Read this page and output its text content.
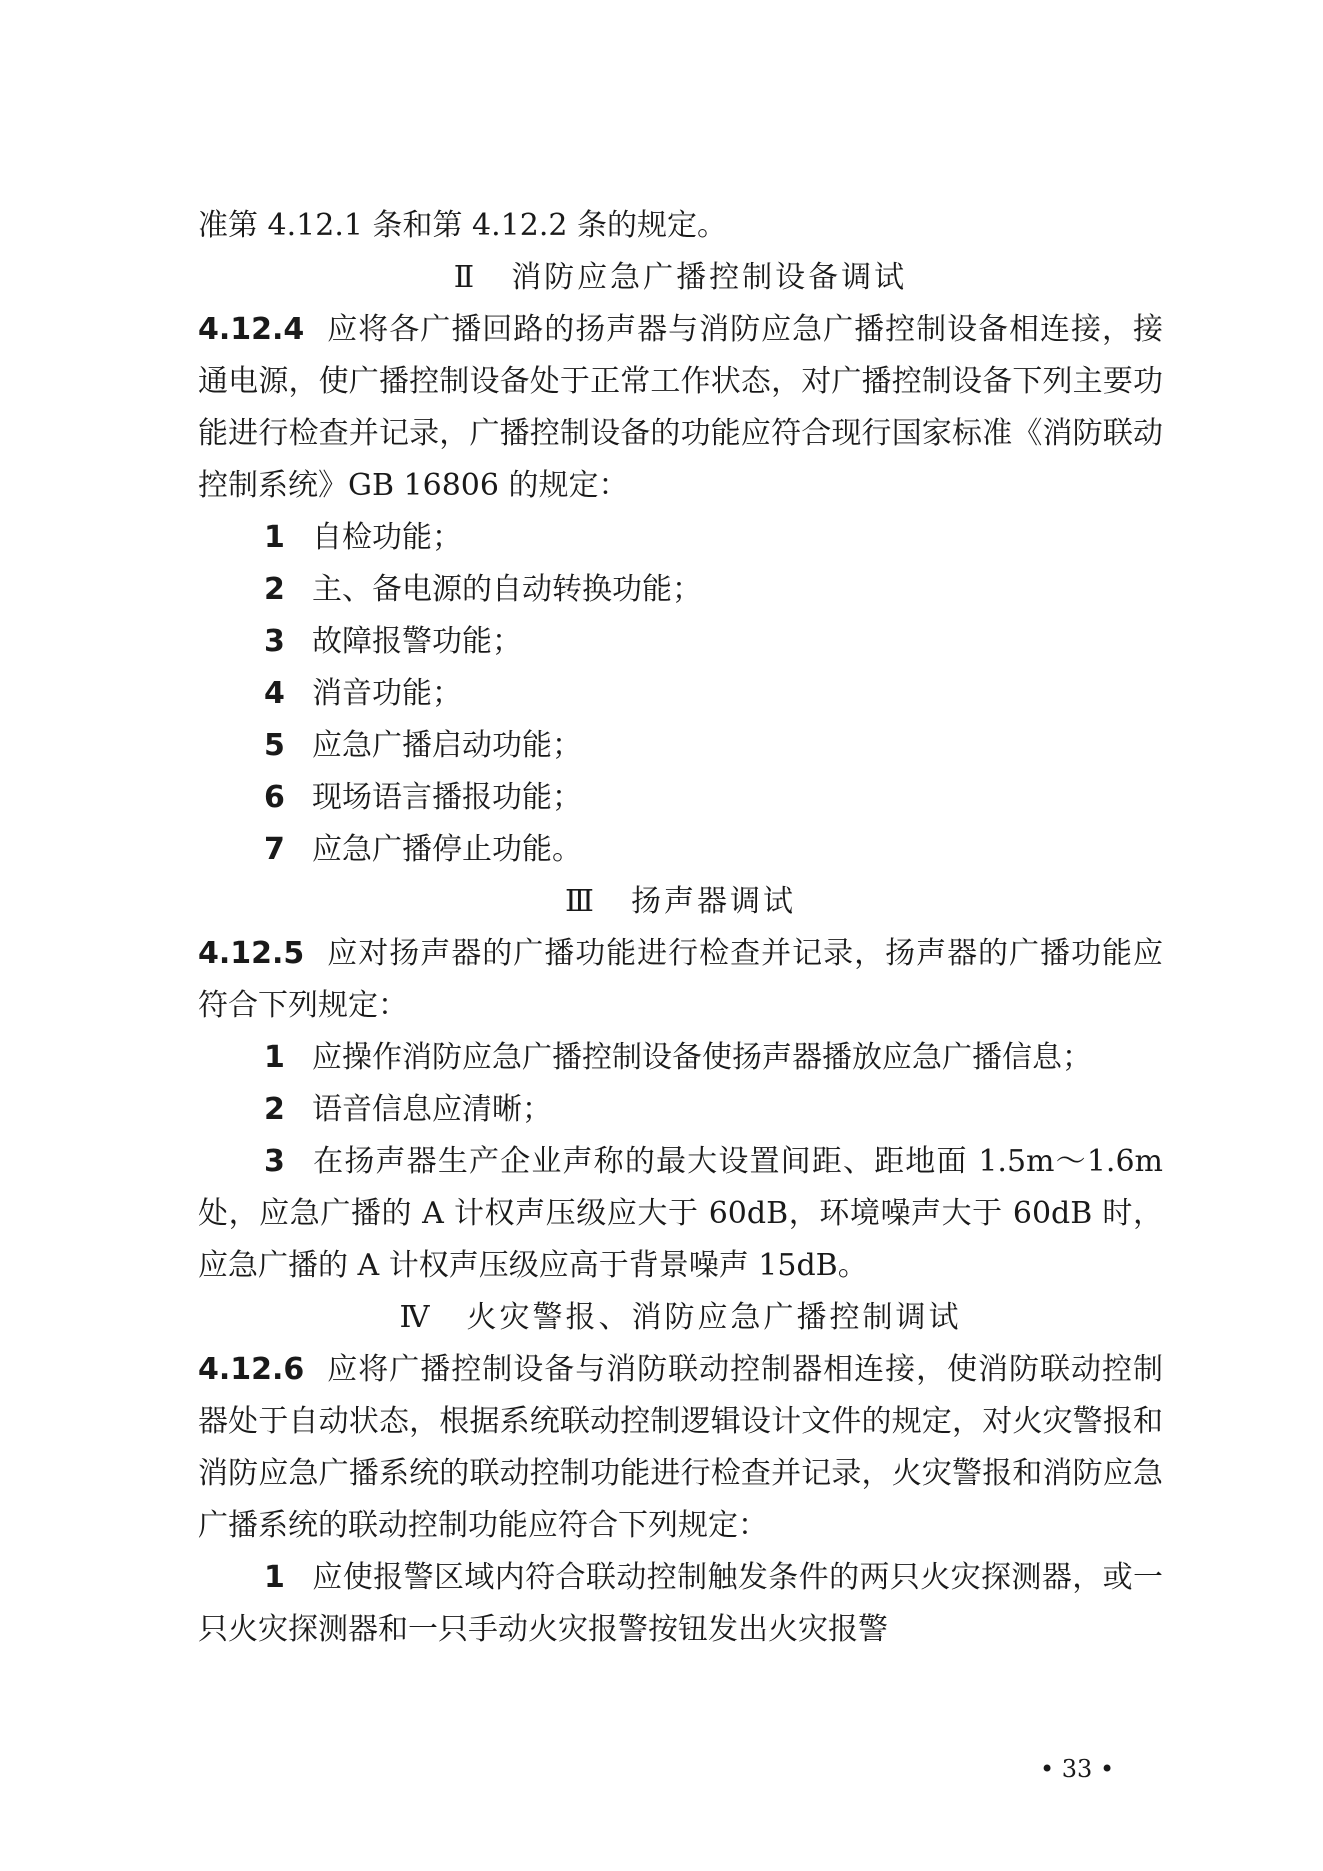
准第 4.12.1 条和第 4.12.2 条的规定。

Ⅱ 消防应急广播控制设备调试

4.12.4 应将各广播回路的扬声器与消防应急广播控制设备相连接，接通电源，使广播控制设备处于正常工作状态，对广播控制设备下列主要功能进行检查并记录，广播控制设备的功能应符合现行国家标准《消防联动控制系统》GB 16806 的规定：

1 自检功能；

2 主、备电源的自动转换功能；

3 故障报警功能；

4 消音功能；

5 应急广播启动功能；

6 现场语言播报功能；

7 应急广播停止功能。

Ⅲ 扬声器调试

4.12.5 应对扬声器的广播功能进行检查并记录，扬声器的广播功能应符合下列规定：

1 应操作消防应急广播控制设备使扬声器播放应急广播信息；

2 语音信息应清晰；

3 在扬声器生产企业声称的最大设置间距、距地面 1.5m～1.6m 处，应急广播的 A 计权声压级应大于 60dB，环境噪声大于 60dB 时，应急广播的 A 计权声压级应高于背景噪声 15dB。

Ⅳ 火灾警报、消防应急广播控制调试

4.12.6 应将广播控制设备与消防联动控制器相连接，使消防联动控制器处于自动状态，根据系统联动控制逻辑设计文件的规定，对火灾警报和消防应急广播系统的联动控制功能进行检查并记录，火灾警报和消防应急广播系统的联动控制功能应符合下列规定：

1 应使报警区域内符合联动控制触发条件的两只火灾探测器，或一只火灾探测器和一只手动火灾报警按钮发出火灾报警

• 33 •
